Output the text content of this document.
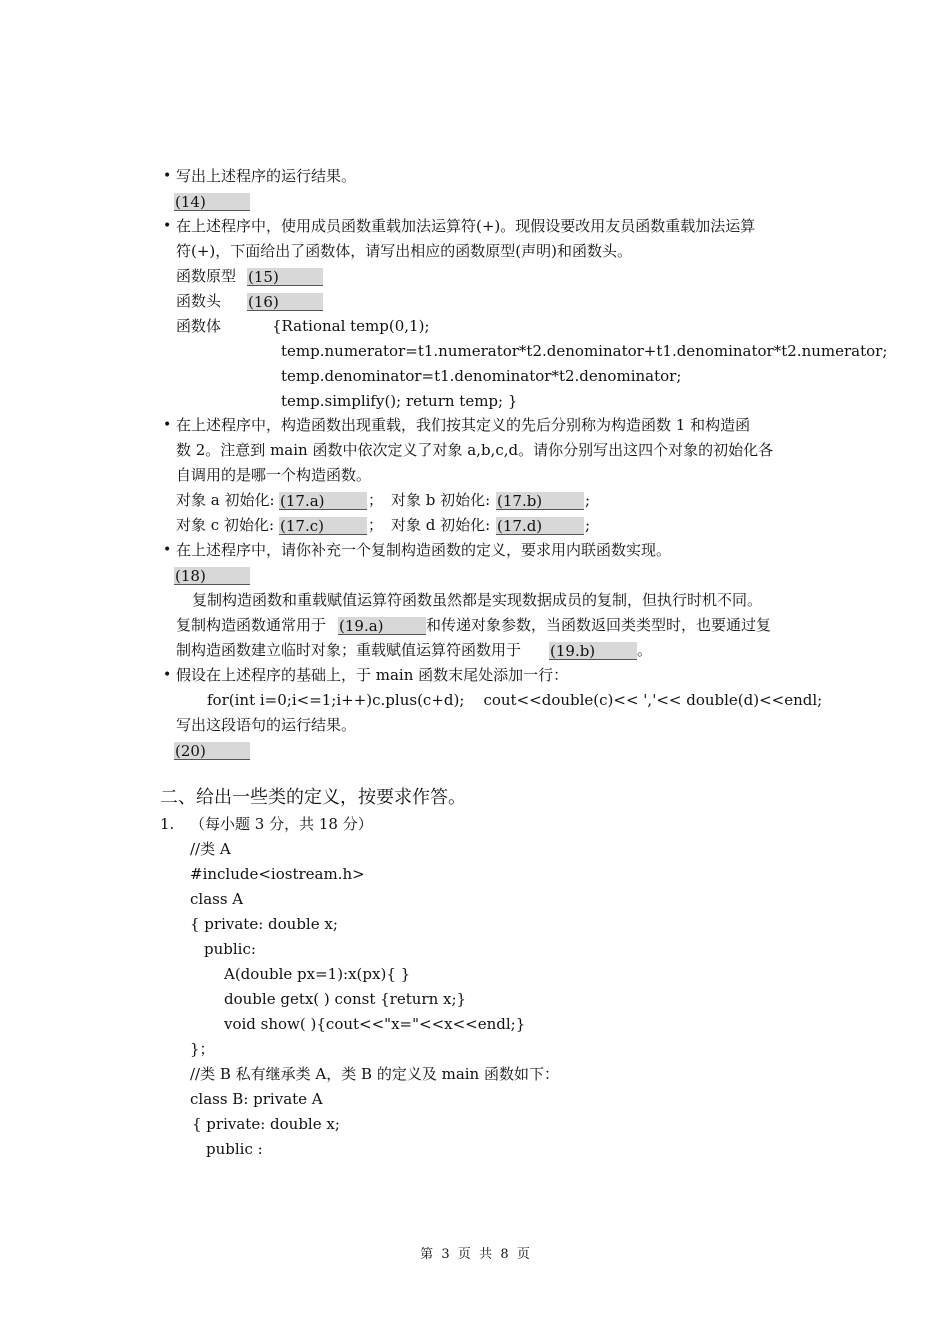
• 写出上述程序的运行结果。
(14)
• 在上述程序中，使用成员函数重载加法运算符(+)。现假设要改用友员函数重载加法运算
符(+)，下面给出了函数体，请写出相应的函数原型(声明)和函数头。
函数原型 (15)
函数头 (16)
函数体	{Rational temp(0,1);
temp.numerator=t1.numerator*t2.denominator+t1.denominator*t2.numerator;
temp.denominator=t1.denominator*t2.denominator;
temp.simplify(); return temp; }
• 在上述程序中，构造函数出现重载，我们按其定义的先后分别称为构造函数 1 和构造函
数 2。注意到 main 函数中依次定义了对象 a,b,c,d。请你分别写出这四个对象的初始化各
自调用的是哪一个构造函数。
对象 a 初始化: (17.a)	； 对象 b 初始化: (17.b)	;
对象 c 初始化: (17.c)	； 对象 d 初始化: (17.d)	;
• 在上述程序中，请你补充一个复制构造函数的定义，要求用内联函数实现。
(18)
复制构造函数和重载赋值运算符函数虽然都是实现数据成员的复制，但执行时机不同。
复制构造函数通常用于 (19.a)	和传递对象参数，当函数返回类类型时，也要通过复
制构造函数建立临时对象；重载赋值运算符函数用于 (19.b)	。
• 假设在上述程序的基础上，于 main 函数末尾处添加一行：
for(int i=0;i<=1;i++)c.plus(c+d);    cout<<double(c)<< ','<< double(d)<<endl;
写出这段语句的运行结果。
(20)
二、给出一些类的定义，按要求作答。
1. （每小题 3 分，共 18 分）
//类 A
#include<iostream.h>
class A
{ private: double x;
public:
A(double px=1):x(px){ }
double getx( ) const {return x;}
void show( ){cout<<"x="<<x<<endl;}
}；
//类 B 私有继承类 A，类 B 的定义及 main 函数如下：
class B: private A
{ private: double x;
public :
第  3  页  共  8  页
